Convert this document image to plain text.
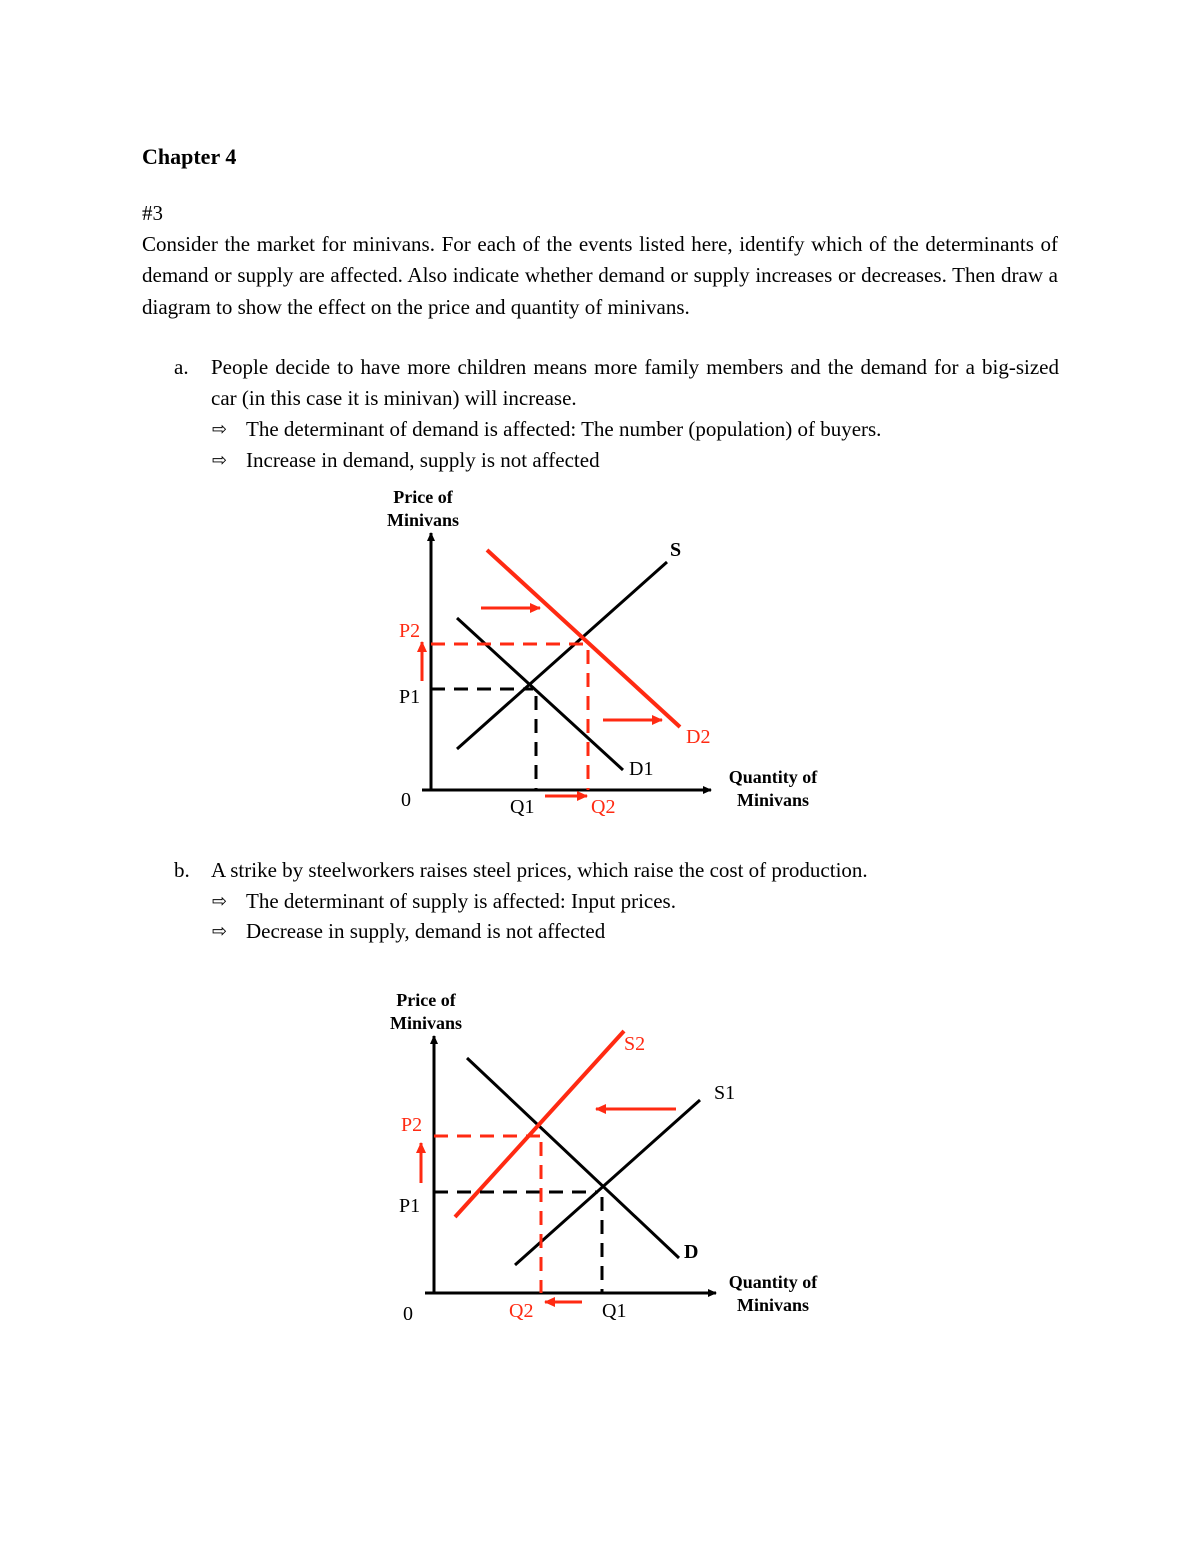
Chapter 4
#3
Consider the market for minivans. For each of the events listed here, identify which of the determinants of demand or supply are affected. Also indicate whether demand or supply increases or decreases. Then draw a diagram to show the effect on the price and quantity of minivans.
a. People decide to have more children means more family members and the demand for a big-sized car (in this case it is minivan) will increase.
⇨ The determinant of demand is affected: The number (population) of buyers.
⇨ Increase in demand, supply is not affected
Price of
Minivans
Quantity of
Minivans
0
S
D1
D2
P2
P1
Q1	Q2
b. A strike by steelworkers raises steel prices, which raise the cost of production.
⇨ The determinant of supply is affected: Input prices.
⇨ Decrease in supply, demand is not affected
Price of
Minivans
Quantity of
Minivans
0
D
S1
S2
P2
P1
Q2	Q1
